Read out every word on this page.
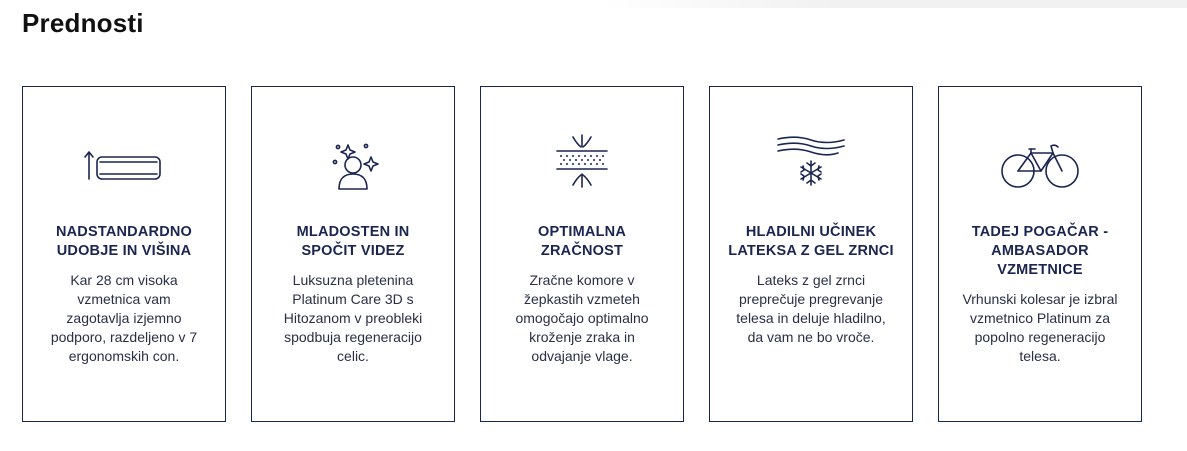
Prednosti

NADSTANDARDNO UDOBJE IN VIŠINA

Kar 28 cm visoka vzmetnica vam zagotavlja izjemno podporo, razdeljeno v 7 ergonomskih con.

MLADOSTEN IN SPOČIT VIDEZ

Luksuzna pletenina Platinum Care 3D s Hitozanom v preobleki spodbuja regeneracijo celic.

OPTIMALNA ZRAČNOST

Zračne komore v žepkastih vzmeteh omogočajo optimalno kroženje zraka in odvajanje vlage.

HLADILNI UČINEK LATEKSA Z GEL ZRNCI

Lateks z gel zrnci preprečuje pregrevanje telesa in deluje hladilno, da vam ne bo vroče.

TADEJ POGAČAR - AMBASADOR VZMETNICE

Vrhunski kolesar je izbral vzmetnico Platinum za popolno regeneracijo telesa.
